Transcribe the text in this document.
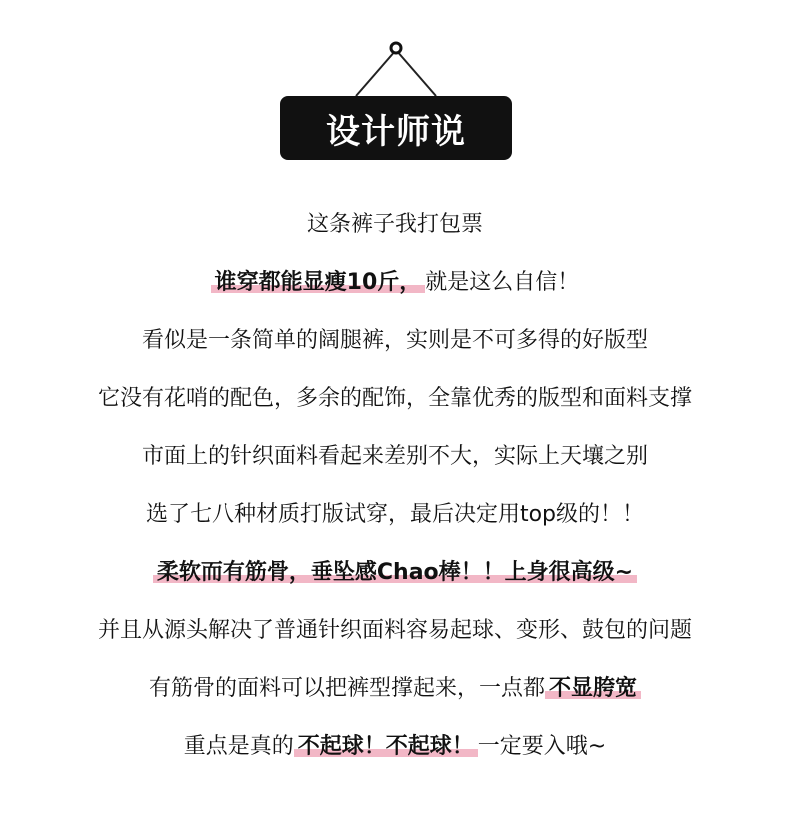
设计师说
这条裤子我打包票
谁穿都能显瘦10斤， 就是这么自信！
看似是一条简单的阔腿裤，实则是不可多得的好版型
它没有花哨的配色，多余的配饰，全靠优秀的版型和面料支撑
市面上的针织面料看起来差别不大，实际上天壤之别
选了七八种材质打版试穿，最后决定用top级的！！
柔软而有筋骨，垂坠感Chao棒！！上身很高级~
并且从源头解决了普通针织面料容易起球、变形、鼓包的问题
有筋骨的面料可以把裤型撑起来，一点都 不显胯宽
重点是真的 不起球！不起球！ 一定要入哦~
